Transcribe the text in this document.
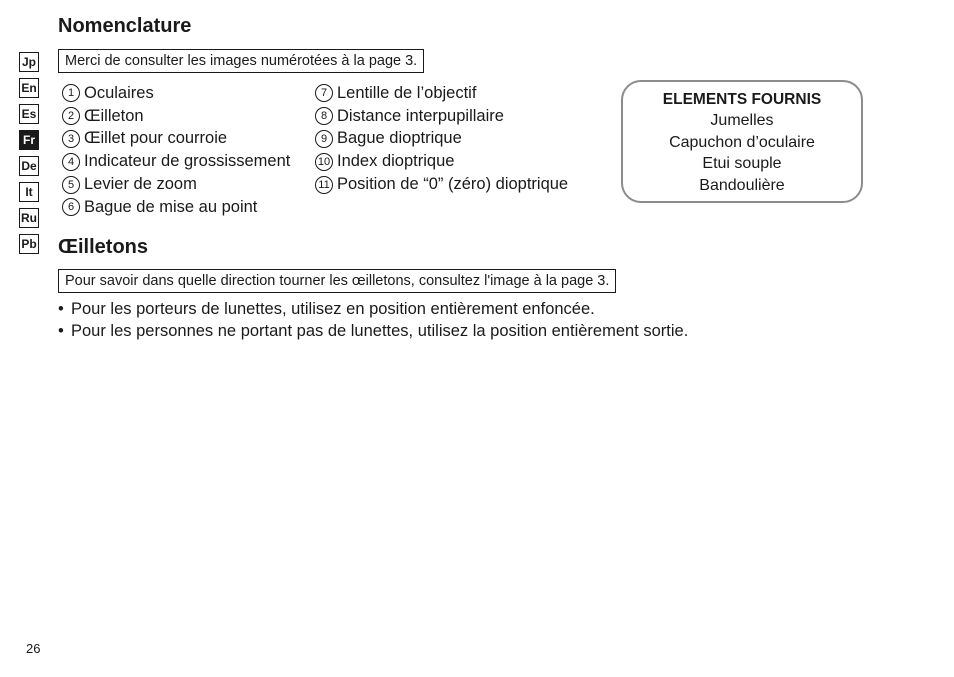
Jp
En
Es
Fr
De
It
Ru
Pb
Nomenclature
Merci de consulter les images numérotées à la page 3.
1 Oculaires
2 Œilleton
3 Œillet pour courroie
4 Indicateur de grossissement
5 Levier de zoom
6 Bague de mise au point
7 Lentille de l’objectif
8 Distance interpupillaire
9 Bague dioptrique
10 Index dioptrique
11 Position de “0” (zéro) dioptrique
ELEMENTS FOURNIS
Jumelles
Capuchon d’oculaire
Etui souple
Bandoulière
Œilletons
Pour savoir dans quelle direction tourner les œilletons, consultez l'image à la page 3.
• Pour les porteurs de lunettes, utilisez en position entièrement enfoncée.
• Pour les personnes ne portant pas de lunettes, utilisez la position entièrement sortie.
26
